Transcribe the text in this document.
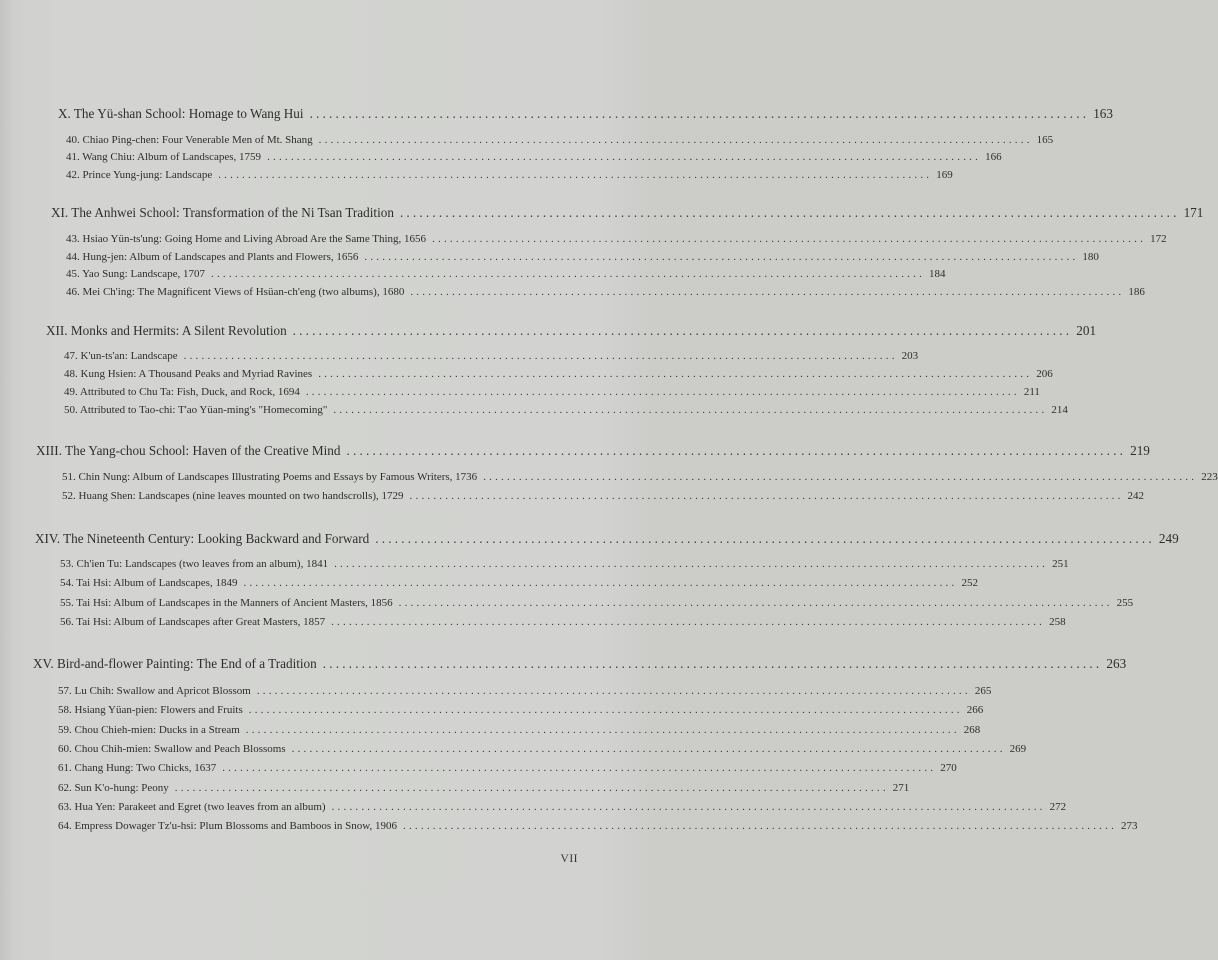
X. The Yü-shan School: Homage to Wang Hui ........................................................................................................................ 163
40. Chiao Ping-chen: Four Venerable Men of Mt. Shang ........................................................................................................................ 165
41. Wang Chiu: Album of Landscapes, 1759 ........................................................................................................................ 166
42. Prince Yung-jung: Landscape ........................................................................................................................ 169
XI. The Anhwei School: Transformation of the Ni Tsan Tradition ........................................................................................................................ 171
43. Hsiao Yün-ts'ung: Going Home and Living Abroad Are the Same Thing, 1656 ........................................................................................................................ 172
44. Hung-jen: Album of Landscapes and Plants and Flowers, 1656 ........................................................................................................................ 180
45. Yao Sung: Landscape, 1707 ........................................................................................................................ 184
46. Mei Ch'ing: The Magnificent Views of Hsüan-ch'eng (two albums), 1680 ........................................................................................................................ 186
XII. Monks and Hermits: A Silent Revolution ........................................................................................................................ 201
47. K'un-ts'an: Landscape ........................................................................................................................ 203
48. Kung Hsien: A Thousand Peaks and Myriad Ravines ........................................................................................................................ 206
49. Attributed to Chu Ta: Fish, Duck, and Rock, 1694 ........................................................................................................................ 211
50. Attributed to Tao-chi: T'ao Yüan-ming's "Homecoming" ........................................................................................................................ 214
XIII. The Yang-chou School: Haven of the Creative Mind ........................................................................................................................ 219
51. Chin Nung: Album of Landscapes Illustrating Poems and Essays by Famous Writers, 1736 ........................................................................................................................ 223
52. Huang Shen: Landscapes (nine leaves mounted on two handscrolls), 1729 ........................................................................................................................ 242
XIV. The Nineteenth Century: Looking Backward and Forward ........................................................................................................................ 249
53. Ch'ien Tu: Landscapes (two leaves from an album), 1841 ........................................................................................................................ 251
54. Tai Hsi: Album of Landscapes, 1849 ........................................................................................................................ 252
55. Tai Hsi: Album of Landscapes in the Manners of Ancient Masters, 1856 ........................................................................................................................ 255
56. Tai Hsi: Album of Landscapes after Great Masters, 1857 ........................................................................................................................ 258
XV. Bird-and-flower Painting: The End of a Tradition ........................................................................................................................ 263
57. Lu Chih: Swallow and Apricot Blossom ........................................................................................................................ 265
58. Hsiang Yüan-pien: Flowers and Fruits ........................................................................................................................ 266
59. Chou Chieh-mien: Ducks in a Stream ........................................................................................................................ 268
60. Chou Chih-mien: Swallow and Peach Blossoms ........................................................................................................................ 269
61. Chang Hung: Two Chicks, 1637 ........................................................................................................................ 270
62. Sun K'o-hung: Peony ........................................................................................................................ 271
63. Hua Yen: Parakeet and Egret (two leaves from an album) ........................................................................................................................ 272
64. Empress Dowager Tz'u-hsi: Plum Blossoms and Bamboos in Snow, 1906 ........................................................................................................................ 273
VII
